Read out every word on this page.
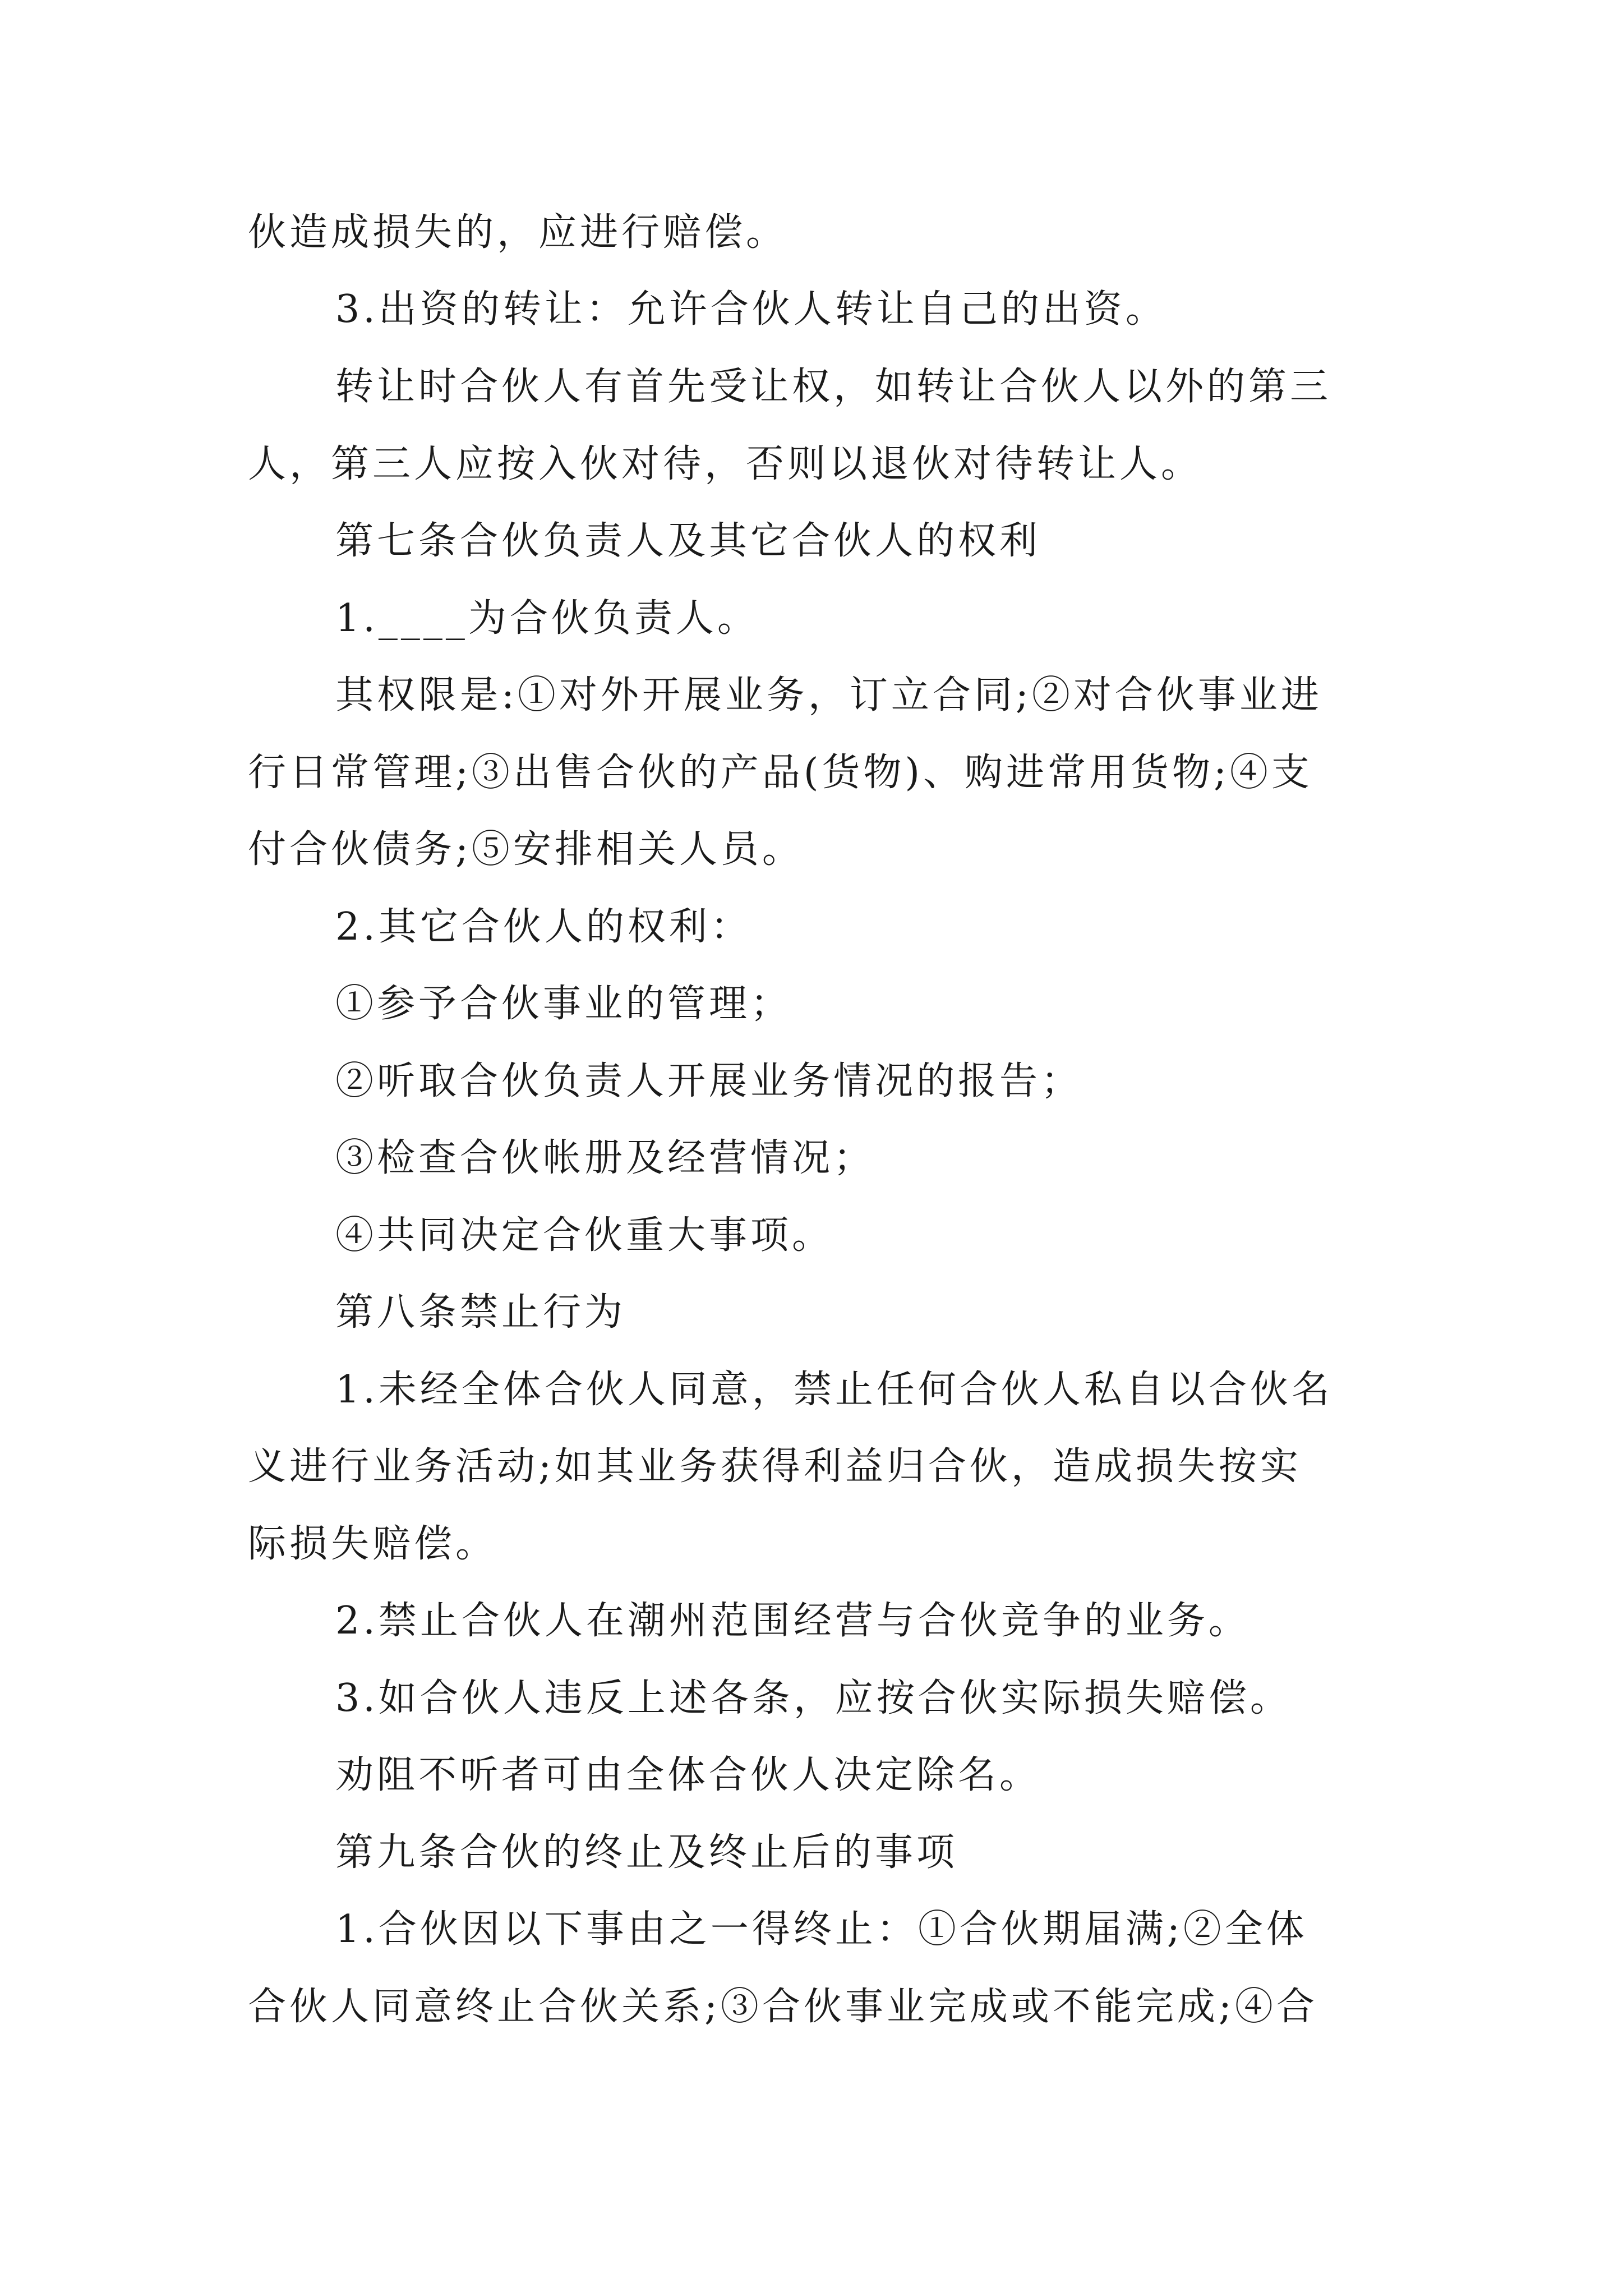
伙造成损失的，应进行赔偿。
3.出资的转让：允许合伙人转让自己的出资。
转让时合伙人有首先受让权，如转让合伙人以外的第三
人，第三人应按入伙对待，否则以退伙对待转让人。
第七条合伙负责人及其它合伙人的权利
1.____为合伙负责人。
其权限是:①对外开展业务，订立合同;②对合伙事业进
行日常管理;③出售合伙的产品(货物)、购进常用货物;④支
付合伙债务;⑤安排相关人员。
2.其它合伙人的权利：
①参予合伙事业的管理；
②听取合伙负责人开展业务情况的报告；
③检查合伙帐册及经营情况；
④共同决定合伙重大事项。
第八条禁止行为
1.未经全体合伙人同意，禁止任何合伙人私自以合伙名
义进行业务活动;如其业务获得利益归合伙，造成损失按实
际损失赔偿。
2.禁止合伙人在潮州范围经营与合伙竞争的业务。
3.如合伙人违反上述各条，应按合伙实际损失赔偿。
劝阻不听者可由全体合伙人决定除名。
第九条合伙的终止及终止后的事项
1.合伙因以下事由之一得终止：①合伙期届满;②全体
合伙人同意终止合伙关系;③合伙事业完成或不能完成;④合
